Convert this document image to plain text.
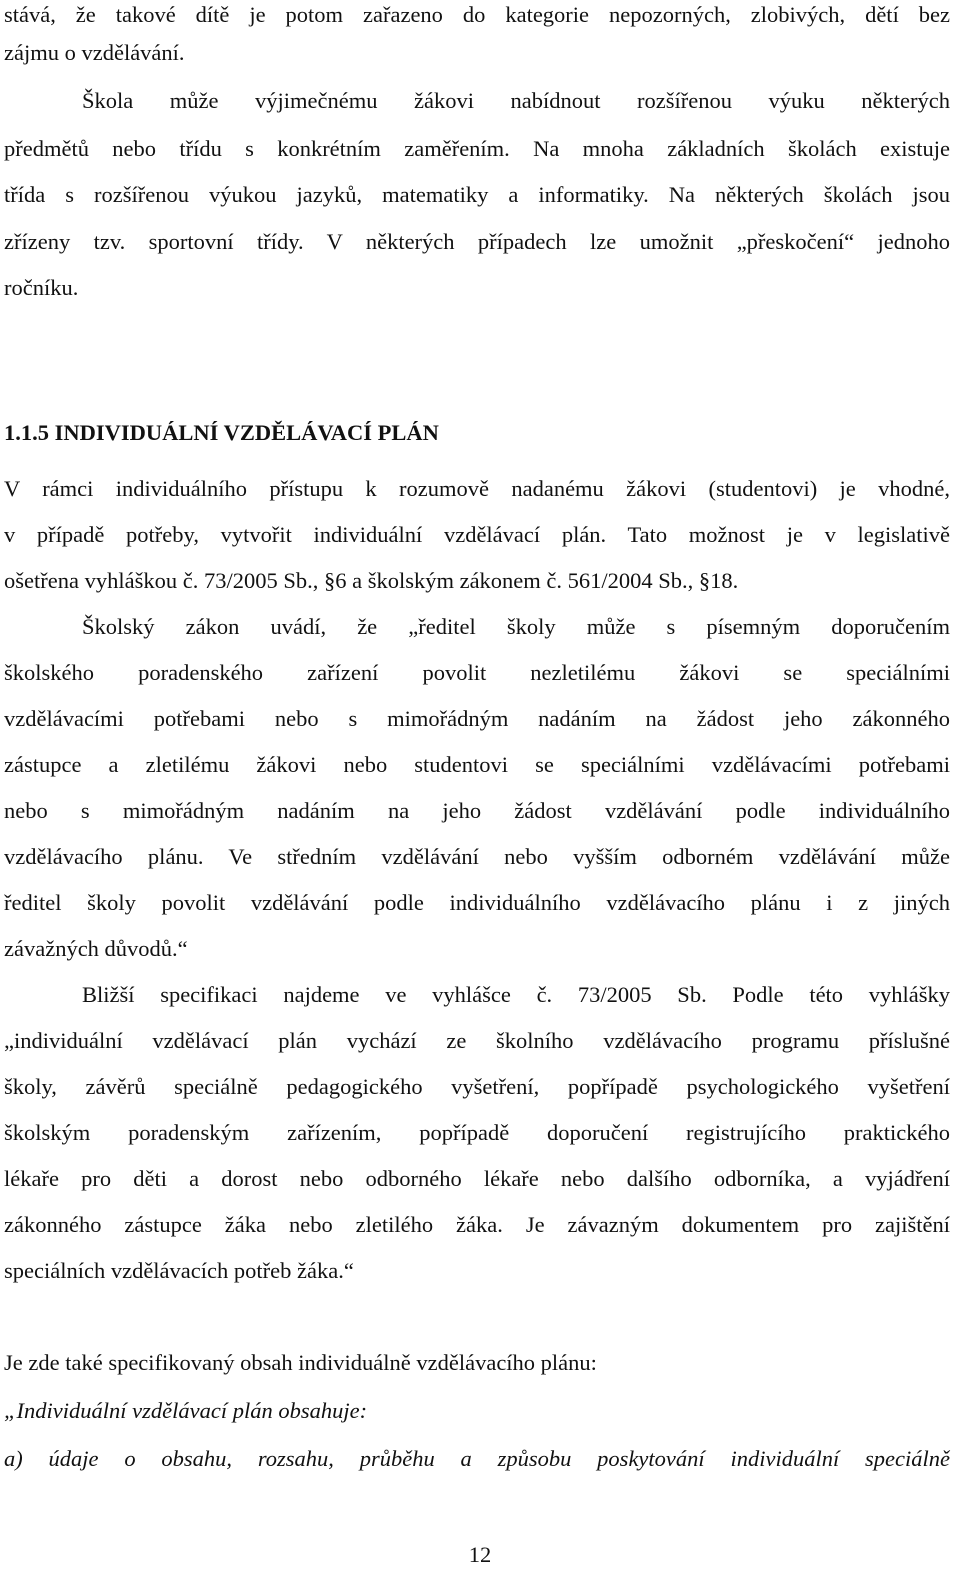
stává, že takové dítě je potom zařazeno do kategorie nepozorných, zlobivých, dětí bez
zájmu o vzdělávání.
Škola může výjimečnému žákovi nabídnout rozšířenou výuku některých
předmětů nebo třídu s konkrétním zaměřením. Na mnoha základních školách existuje
třída s rozšířenou výukou jazyků, matematiky a informatiky. Na některých školách jsou
zřízeny tzv. sportovní třídy. V některých případech lze umožnit „přeskočení“ jednoho
ročníku.
1.1.5 INDIVIDUÁLNÍ VZDĚLÁVACÍ PLÁN
V rámci individuálního přístupu k rozumově nadanému žákovi (studentovi) je vhodné,
v případě potřeby, vytvořit individuální vzdělávací plán. Tato možnost je v legislativě
ošetřena vyhláškou č. 73/2005 Sb., §6 a školským zákonem č. 561/2004 Sb., §18.
Školský zákon uvádí, že „ředitel školy může s písemným doporučením
školského poradenského zařízení povolit nezletilému žákovi se speciálními
vzdělávacími potřebami nebo s mimořádným nadáním na žádost jeho zákonného
zástupce a zletilému žákovi nebo studentovi se speciálními vzdělávacími potřebami
nebo s mimořádným nadáním na jeho žádost vzdělávání podle individuálního
vzdělávacího plánu. Ve středním vzdělávání nebo vyšším odborném vzdělávání může
ředitel školy povolit vzdělávání podle individuálního vzdělávacího plánu i z jiných
závažných důvodů.“
Bližší specifikaci najdeme ve vyhlášce č. 73/2005 Sb. Podle této vyhlášky
„individuální vzdělávací plán vychází ze školního vzdělávacího programu příslušné
školy, závěrů speciálně pedagogického vyšetření, popřípadě psychologického vyšetření
školským poradenským zařízením, popřípadě doporučení registrujícího praktického
lékaře pro děti a dorost nebo odborného lékaře nebo dalšího odborníka, a vyjádření
zákonného zástupce žáka nebo zletilého žáka. Je závazným dokumentem pro zajištění
speciálních vzdělávacích potřeb žáka.“
Je zde také specifikovaný obsah individuálně vzdělávacího plánu:
„Individuální vzdělávací plán obsahuje:
a) údaje o obsahu, rozsahu, průběhu a způsobu poskytování individuální speciálně
12
